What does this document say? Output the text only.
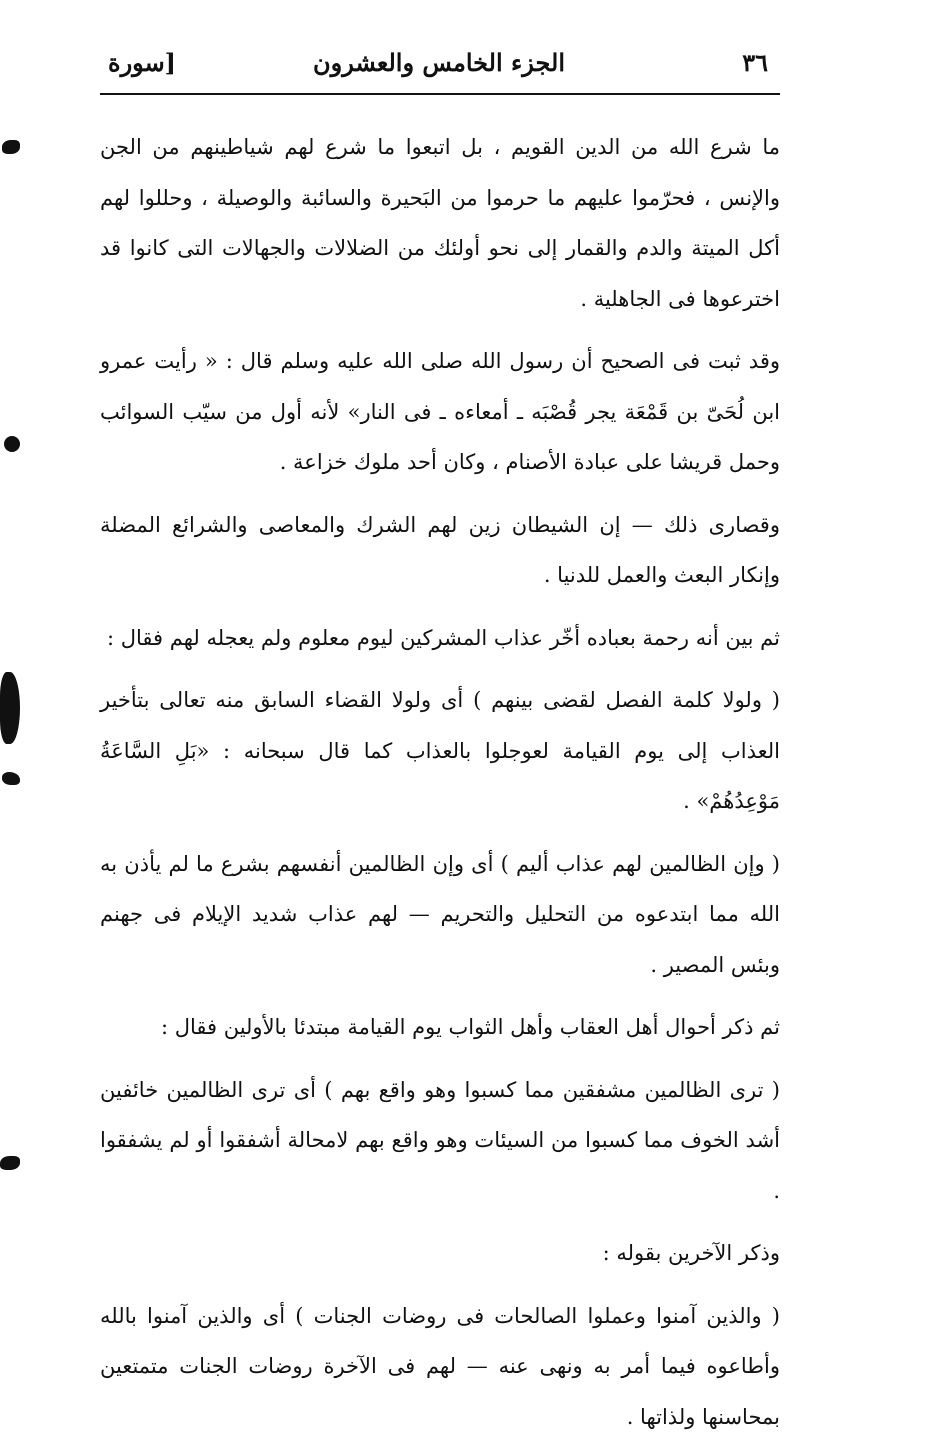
٣٦
الجزء الخامس والعشرون
[سورة

ما شرع الله من الدين القويم ، بل اتبعوا ما شرع لهم شياطينهم من الجن والإنس ، فحرّموا عليهم ما حرموا من البَحيرة والسائبة والوصيلة ، وحللوا لهم أكل الميتة والدم والقمار إلى نحو أولئك من الضلالات والجهالات التى كانوا قد اخترعوها فى الجاهلية .

وقد ثبت فى الصحيح أن رسول الله صلى الله عليه وسلم قال : « رأيت عمرو ابن لُحَىّ بن قَمْعَة يجر قُصْبَه ـ أمعاءه ـ فى النار» لأنه أول من سيّب السوائب وحمل قريشا على عبادة الأصنام ، وكان أحد ملوك خزاعة .

وقصارى ذلك — إن الشيطان زين لهم الشرك والمعاصى والشرائع المضلة وإنكار البعث والعمل للدنيا .

ثم بين أنه رحمة بعباده أخّر عذاب المشركين ليوم معلوم ولم يعجله لهم فقال :

( ولولا كلمة الفصل لقضى بينهم ) أى ولولا القضاء السابق منه تعالى بتأخير العذاب إلى يوم القيامة لعوجلوا بالعذاب كما قال سبحانه : «بَلِ السَّاعَةُ مَوْعِدُهُمْ» .

( وإن الظالمين لهم عذاب أليم ) أى وإن الظالمين أنفسهم بشرع ما لم يأذن به الله مما ابتدعوه من التحليل والتحريم — لهم عذاب شديد الإيلام فى جهنم وبئس المصير .

ثم ذكر أحوال أهل العقاب وأهل الثواب يوم القيامة مبتدئا بالأولين فقال :

( ترى الظالمين مشفقين مما كسبوا وهو واقع بهم ) أى ترى الظالمين خائفين أشد الخوف مما كسبوا من السيئات وهو واقع بهم لامحالة أشفقوا أو لم يشفقوا .

وذكر الآخرين بقوله :

( والذين آمنوا وعملوا الصالحات فى روضات الجنات ) أى والذين آمنوا بالله وأطاعوه فيما أمر به ونهى عنه — لهم فى الآخرة روضات الجنات متمتعين بمحاسنها ولذاتها .
